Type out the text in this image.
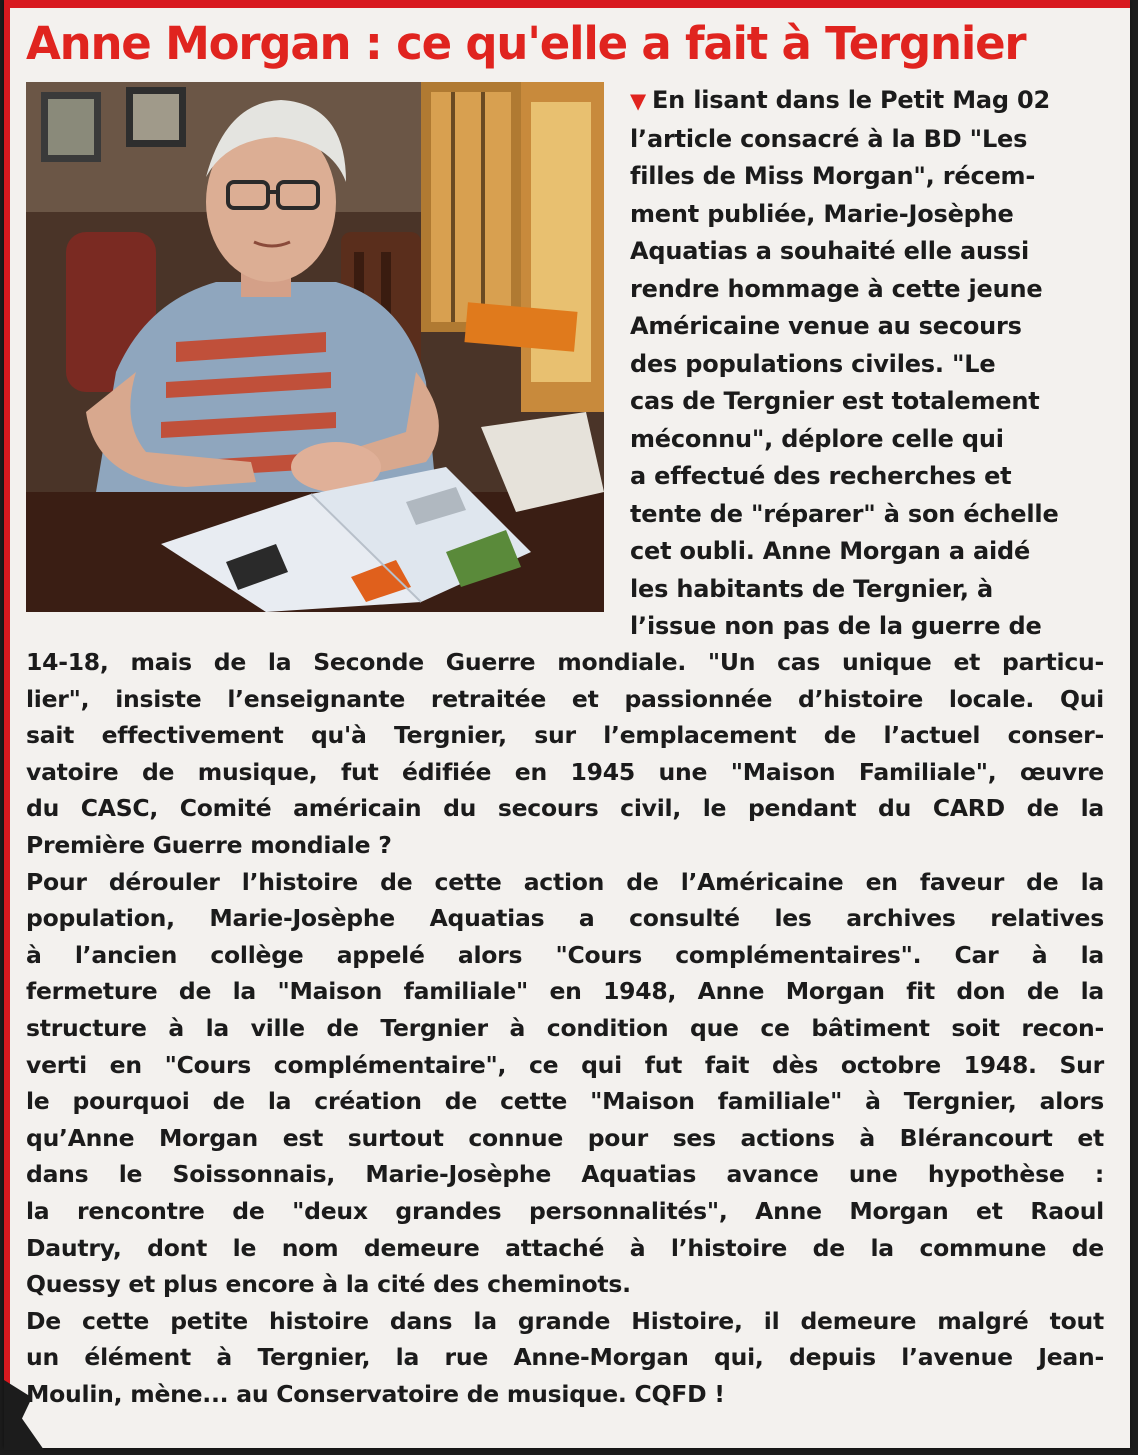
Anne Morgan : ce qu'elle a fait à Tergnier

▼ En lisant dans le Petit Mag 02
l’article consacré à la BD "Les
filles de Miss Morgan", récem-
ment publiée, Marie-Josèphe
Aquatias a souhaité elle aussi
rendre hommage à cette jeune
Américaine venue au secours
des populations civiles. "Le
cas de Tergnier est totalement
méconnu", déplore celle qui
a effectué des recherches et
tente de "réparer" à son échelle
cet oubli. Anne Morgan a aidé
les habitants de Tergnier, à
l’issue non pas de la guerre de

14-18, mais de la Seconde Guerre mondiale. "Un cas unique et particu-
lier", insiste l’enseignante retraitée et passionnée d’histoire locale. Qui
sait effectivement qu'à Tergnier, sur l’emplacement de l’actuel conser-
vatoire de musique, fut édifiée en 1945 une "Maison Familiale", œuvre
du CASC, Comité américain du secours civil, le pendant du CARD de la
Première Guerre mondiale ?
Pour dérouler l’histoire de cette action de l’Américaine en faveur de la
population, Marie-Josèphe Aquatias a consulté les archives relatives
à l’ancien collège appelé alors "Cours complémentaires". Car à la
fermeture de la "Maison familiale" en 1948, Anne Morgan fit don de la
structure à la ville de Tergnier à condition que ce bâtiment soit recon-
verti en "Cours complémentaire", ce qui fut fait dès octobre 1948. Sur
le pourquoi de la création de cette "Maison familiale" à Tergnier, alors
qu’Anne Morgan est surtout connue pour ses actions à Blérancourt et
dans le Soissonnais, Marie-Josèphe Aquatias avance une hypothèse :
la rencontre de "deux grandes personnalités", Anne Morgan et Raoul
Dautry, dont le nom demeure attaché à l’histoire de la commune de
Quessy et plus encore à la cité des cheminots.
De cette petite histoire dans la grande Histoire, il demeure malgré tout
un élément à Tergnier, la rue Anne-Morgan qui, depuis l’avenue Jean-
Moulin, mène... au Conservatoire de musique. CQFD !
